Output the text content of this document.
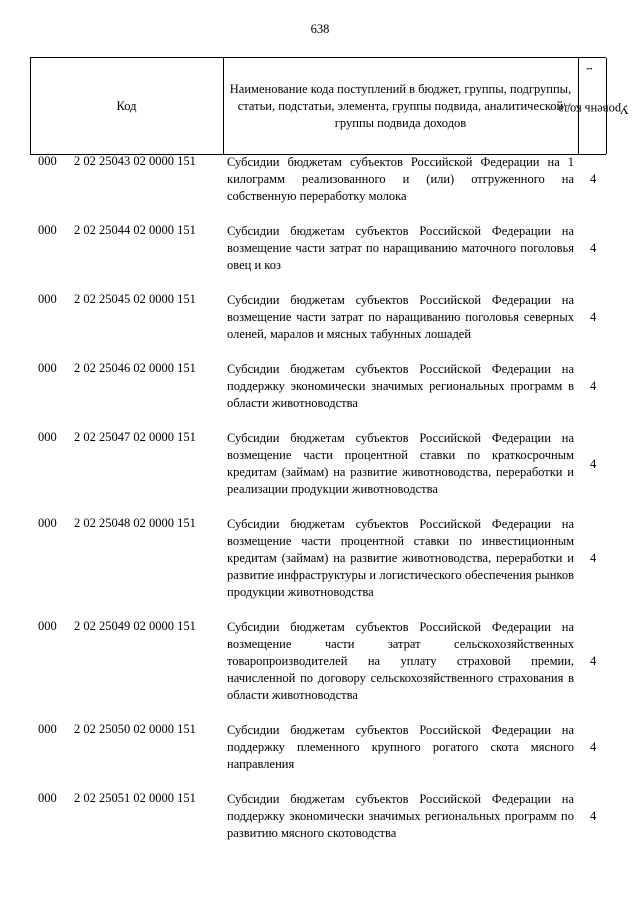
638
Код
Наименование кода поступлений в бюджет, группы, подгруппы, статьи, подстатьи, элемента, группы подвида, аналитической группы подвида доходов
Уровень кода $^1$
000 2 02 25043 02 0000 151 Субсидии бюджетам субъектов Российской Федерации на 1 килограмм реализованного и (или) отгруженного на собственную переработку молока
4
000 2 02 25044 02 0000 151 Субсидии бюджетам субъектов Российской Федерации на возмещение части затрат по наращиванию маточного поголовья овец и коз
4
000 2 02 25045 02 0000 151 Субсидии бюджетам субъектов Российской Федерации на возмещение части затрат по наращиванию поголовья северных оленей, маралов и мясных табунных лошадей
4
000 2 02 25046 02 0000 151 Субсидии бюджетам субъектов Российской Федерации на поддержку экономически значимых региональных программ в области животноводства
4
000 2 02 25047 02 0000 151 Субсидии бюджетам субъектов Российской Федерации на возмещение части процентной ставки по краткосрочным кредитам (займам) на развитие животноводства, переработки и реализации продукции животноводства
4
000 2 02 25048 02 0000 151 Субсидии бюджетам субъектов Российской Федерации на возмещение части процентной ставки по инвестиционным кредитам (займам) на развитие животноводства, переработки и развитие инфраструктуры и логистического обеспечения рынков продукции животноводства
4
000 2 02 25049 02 0000 151 Субсидии бюджетам субъектов Российской Федерации на возмещение части затрат сельскохозяйственных товаропроизводителей на уплату страховой премии, начисленной по договору сельскохозяйственного страхования в области животноводства
4
000 2 02 25050 02 0000 151 Субсидии бюджетам субъектов Российской Федерации на поддержку племенного крупного рогатого скота мясного направления
4
000 2 02 25051 02 0000 151 Субсидии бюджетам субъектов Российской Федерации на поддержку экономически значимых региональных программ по развитию мясного скотоводства
4
